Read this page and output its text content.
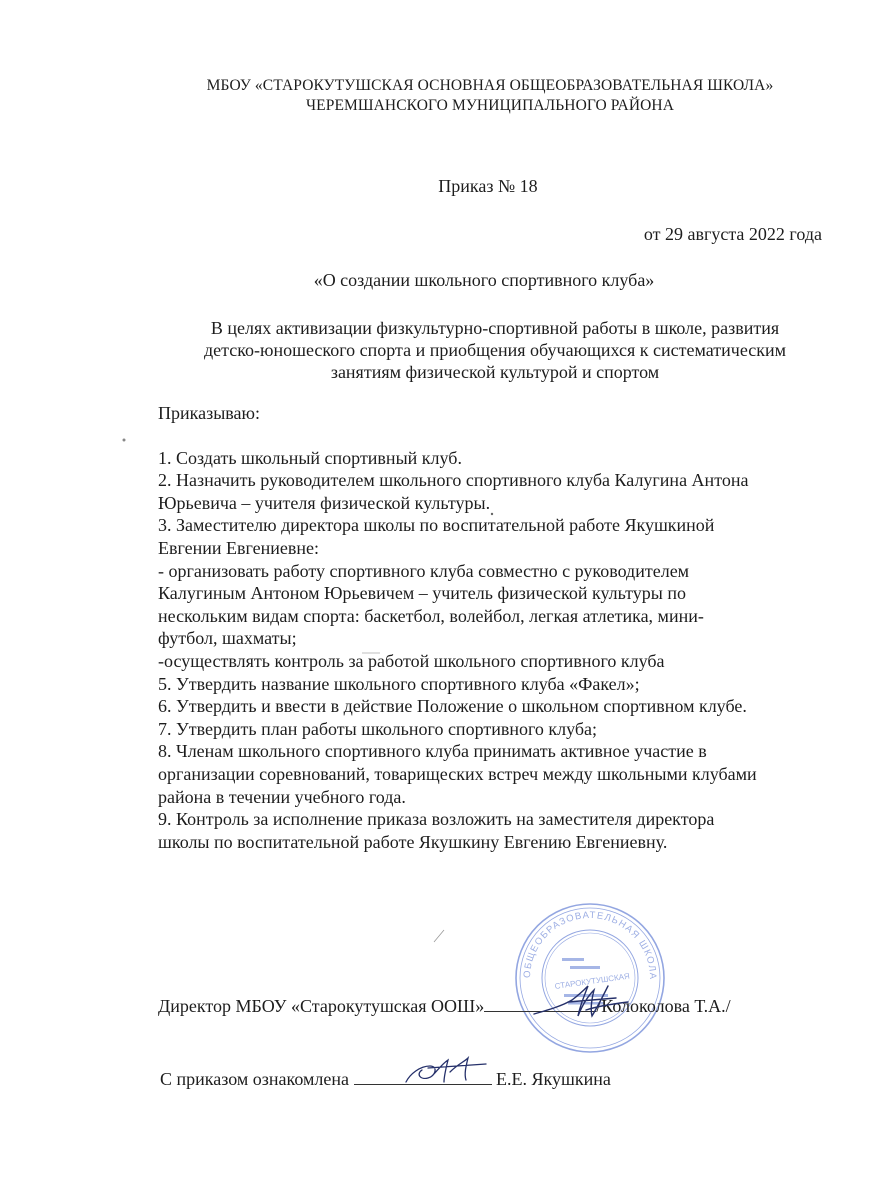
МБОУ «СТАРОКУТУШСКАЯ ОСНОВНАЯ ОБЩЕОБРАЗОВАТЕЛЬНАЯ ШКОЛА»
ЧЕРЕМШАНСКОГО МУНИЦИПАЛЬНОГО РАЙОНА
Приказ № 18
от 29 августа 2022 года
«О создании школьного спортивного клуба»
В целях активизации физкультурно-спортивной работы в школе, развития
детско-юношеского спорта и приобщения обучающихся к систематическим
занятиям физической культурой и спортом
Приказываю:
1. Создать школьный спортивный клуб.
2. Назначить руководителем школьного спортивного клуба Калугина Антона
Юрьевича – учителя физической культуры.
3. Заместителю директора школы по воспитательной работе Якушкиной
Евгении Евгениевне:
- организовать работу спортивного клуба совместно с руководителем
Калугиным Антоном Юрьевичем – учитель физической культуры по
нескольким видам спорта: баскетбол, волейбол, легкая атлетика, мини-
футбол, шахматы;
-осуществлять контроль за работой школьного спортивного клуба
5. Утвердить название школьного спортивного клуба «Факел»;
6. Утвердить и ввести в действие Положение о школьном спортивном клубе.
7. Утвердить план работы школьного спортивного клуба;
8. Членам школьного спортивного клуба принимать активное участие в
организации соревнований, товарищеских встреч между школьными клубами
района в течении учебного года.
9. Контроль за исполнение приказа возложить на заместителя директора
школы по воспитательной работе Якушкину Евгению Евгениевну.
ОБЩЕОБРАЗОВАТЕЛЬНАЯ ШКОЛА
СТАРОКУТУШСКАЯ
Директор МБОУ «Старокутушская ООШ»	/Колоколова Т.А./
С приказом ознакомлена	Е.Е. Якушкина
